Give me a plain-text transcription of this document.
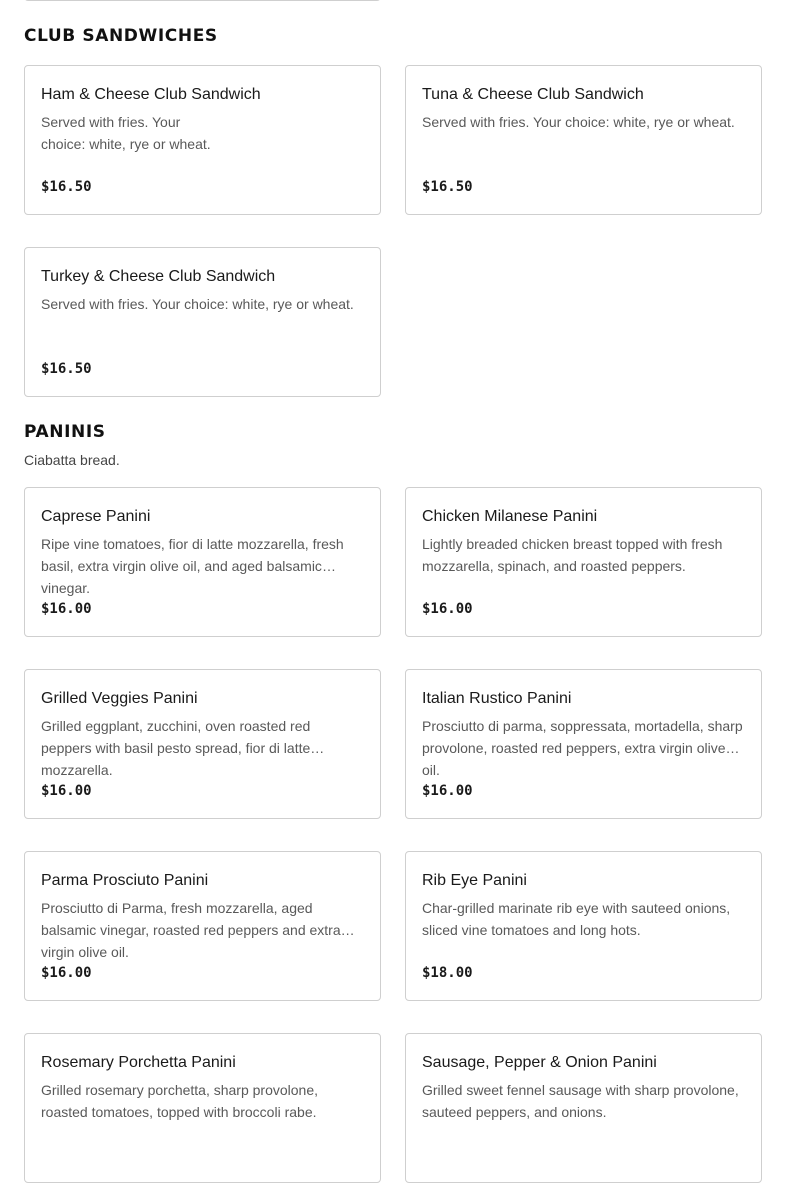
CLUB SANDWICHES
Ham & Cheese Club Sandwich
Served with fries. Your choice: white, rye or wheat.
$16.50
Tuna & Cheese Club Sandwich
Served with fries. Your choice: white, rye or wheat.
$16.50
Turkey & Cheese Club Sandwich
Served with fries. Your choice: white, rye or wheat.
$16.50
PANINIS
Ciabatta bread.
Caprese Panini
Ripe vine tomatoes, fior di latte mozzarella, fresh basil, extra virgin olive oil, and aged balsamic vinegar.
$16.00
Chicken Milanese Panini
Lightly breaded chicken breast topped with fresh mozzarella, spinach, and roasted peppers.
$16.00
Grilled Veggies Panini
Grilled eggplant, zucchini, oven roasted red peppers with basil pesto spread, fior di latte mozzarella.
$16.00
Italian Rustico Panini
Prosciutto di parma, soppressata, mortadella, sharp provolone, roasted red peppers, extra virgin olive oil.
$16.00
Parma Prosciuto Panini
Prosciutto di Parma, fresh mozzarella, aged balsamic vinegar, roasted red peppers and extra virgin olive oil.
$16.00
Rib Eye Panini
Char-grilled marinate rib eye with sauteed onions, sliced vine tomatoes and long hots.
$18.00
Rosemary Porchetta Panini
Grilled rosemary porchetta, sharp provolone, roasted tomatoes, topped with broccoli rabe.
Sausage, Pepper & Onion Panini
Grilled sweet fennel sausage with sharp provolone, sauteed peppers, and onions.
